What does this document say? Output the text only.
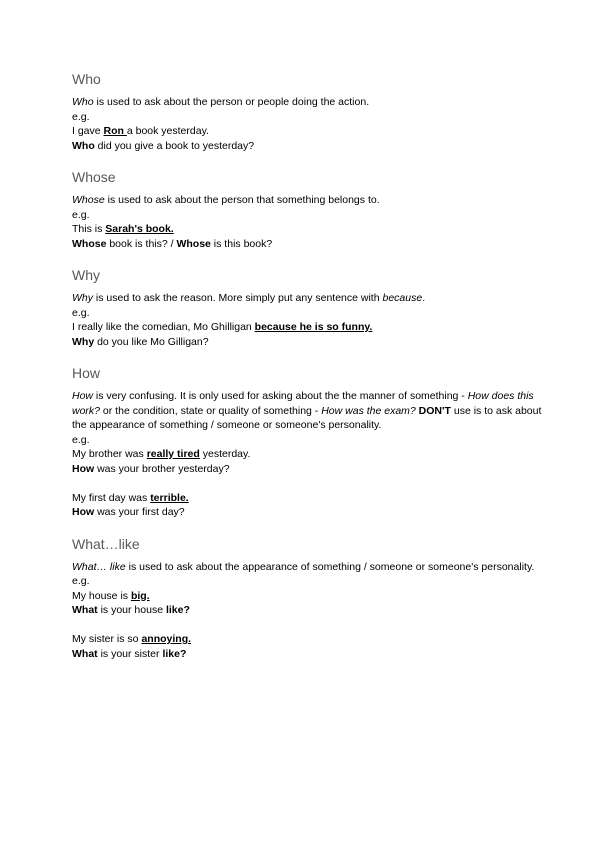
Who

Who is used to ask about the person or people doing the action.

e.g.

I gave Ron a book yesterday.

Who did you give a book to yesterday?

Whose

Whose is used to ask about the person that something belongs to.

e.g.

This is Sarah's book.

Whose book is this? / Whose is this book?

Why

Why is used to ask the reason. More simply put any sentence with because.

e.g.

I really like the comedian, Mo Ghilligan because he is so funny.

Why do you like Mo Gilligan?

How

How is very confusing. It is only used for asking about the the manner of something - How does this work? or the condition, state or quality of something - How was the exam? DON'T use is to ask about the appearance of something / someone or someone's personality.

e.g.

My brother was really tired yesterday.

How was your brother yesterday?

My first day was terrible.

How was your first day?

What…like

What… like is used to ask about the appearance of something / someone or someone's personality.

e.g.

My house is big.

What is your house like?

My sister is so annoying.

What is your sister like?
